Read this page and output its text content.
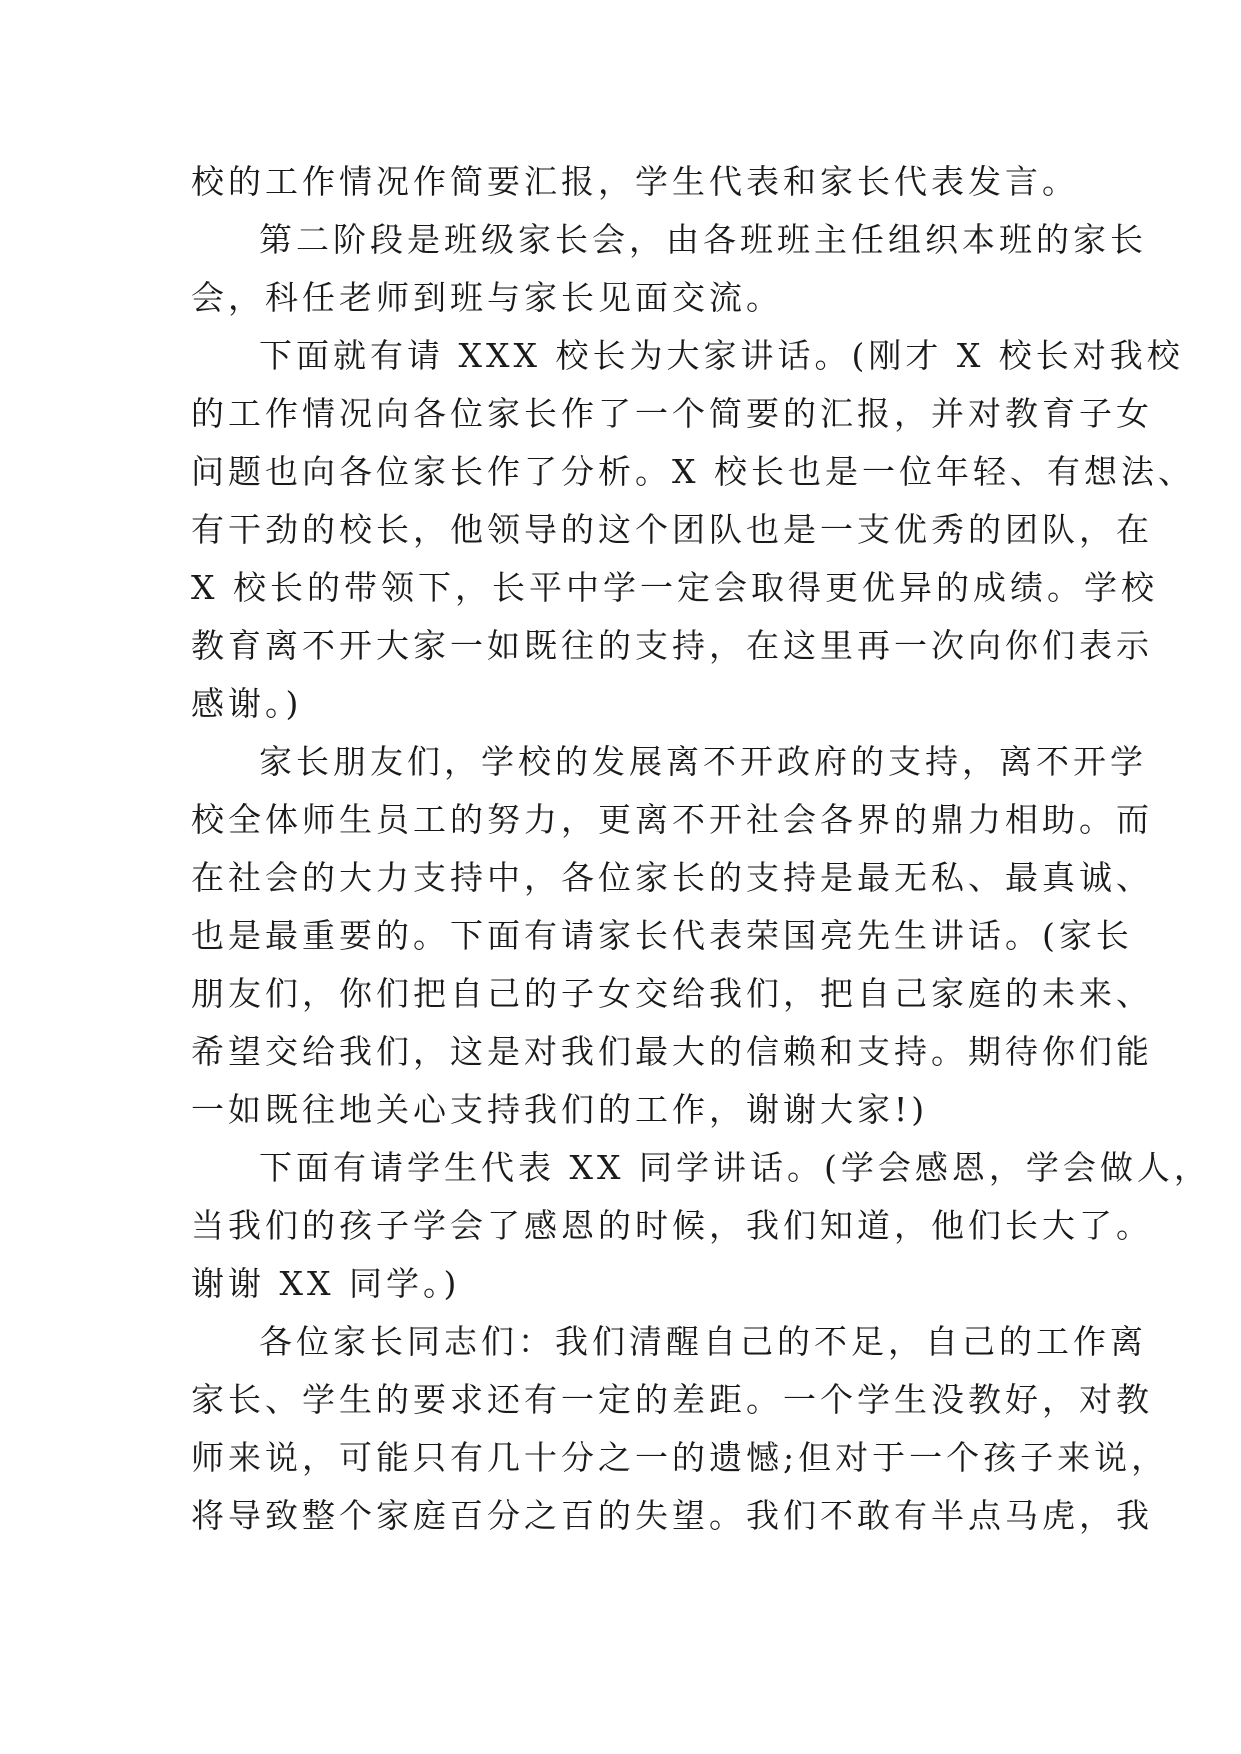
校的工作情况作简要汇报，学生代表和家长代表发言。
第二阶段是班级家长会，由各班班主任组织本班的家长
会，科任老师到班与家长见面交流。
下面就有请 XXX 校长为大家讲话。(刚才 X 校长对我校
的工作情况向各位家长作了一个简要的汇报，并对教育子女
问题也向各位家长作了分析。X 校长也是一位年轻、有想法、
有干劲的校长，他领导的这个团队也是一支优秀的团队，在
X 校长的带领下，长平中学一定会取得更优异的成绩。学校
教育离不开大家一如既往的支持，在这里再一次向你们表示
感谢。)
家长朋友们，学校的发展离不开政府的支持，离不开学
校全体师生员工的努力，更离不开社会各界的鼎力相助。而
在社会的大力支持中，各位家长的支持是最无私、最真诚、
也是最重要的。下面有请家长代表荣国亮先生讲话。(家长
朋友们，你们把自己的子女交给我们，把自己家庭的未来、
希望交给我们，这是对我们最大的信赖和支持。期待你们能
一如既往地关心支持我们的工作，谢谢大家!)
下面有请学生代表 XX 同学讲话。(学会感恩，学会做人，
当我们的孩子学会了感恩的时候，我们知道，他们长大了。
谢谢 XX 同学。)
各位家长同志们：我们清醒自己的不足，自己的工作离
家长、学生的要求还有一定的差距。一个学生没教好，对教
师来说，可能只有几十分之一的遗憾;但对于一个孩子来说，
将导致整个家庭百分之百的失望。我们不敢有半点马虎，我
